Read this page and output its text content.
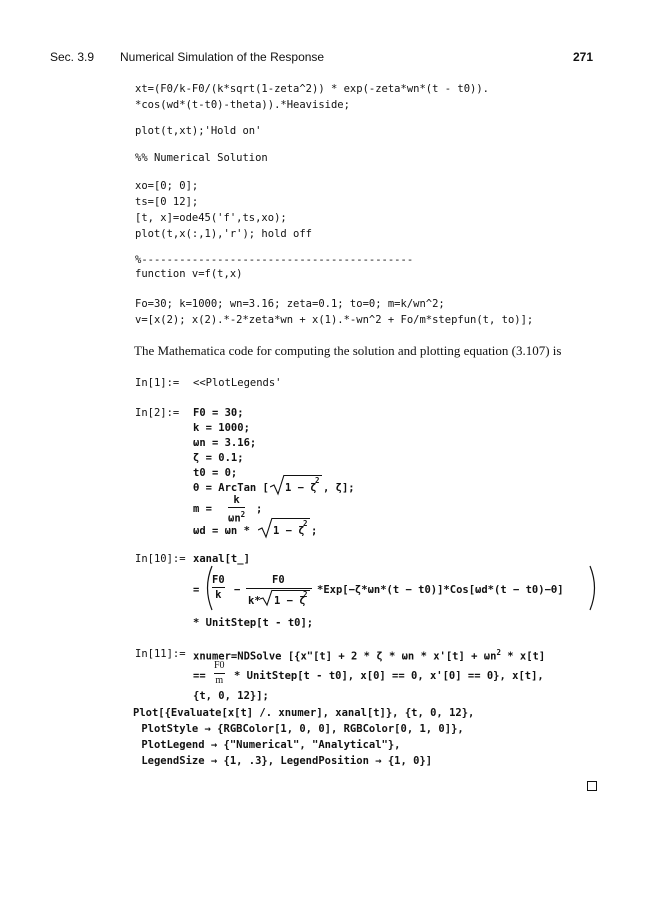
Sec. 3.9 Numerical Simulation of the Response	271
xt=(F0/k-F0/(k*sqrt(1-zeta^2)) * exp(-zeta*wn*(t - t0)).
*cos(wd*(t-t0)-theta)).*Heaviside;
plot(t,xt);'Hold on'
%% Numerical Solution
xo=[0; 0];
ts=[0 12];
[t, x]=ode45('f',ts,xo);
plot(t,x(:,1),'r'); hold off
%-------------------------------------------
function v=f(t,x)
Fo=30; k=1000; wn=3.16; zeta=0.1; to=0; m=k/wn^2;
v=[x(2); x(2).*-2*zeta*wn + x(1).*-wn^2 + Fo/m*stepfun(t, to)];
The Mathematica code for computing the solution and plotting equation (3.107) is
In[1]:= <<PlotLegends'
In[2]:= F0 = 30;
k = 1000;
ωn = 3.16;
ζ = 0.1;
t0 = 0;
θ = ArcTan [ 1 − ζ
2
, ζ];
m =
k
$\omega n^2$ ;
ωd = ωn * 1 − ζ
2
;
In[10]:= xanal[t_]
=
F0
k −
F0
k* 1 − ζ
2 *Exp[−ζ*ωn*(t − t0)]*Cos[ωd*(t − t0)−θ]
* UnitStep[t - t0];
In[11]:= xnumer=NDSolve [{x"[t] + $2 * \zeta * \omega n * x'[t] + \omega n^2 * x[t]$
==
F0
m * UnitStep[t - t0], x[0] == 0, x'[0] == 0}, x[t],
{t, 0, 12}];
Plot[{Evaluate[x[t] /. xnumer], xanal[t]}, {t, 0, 12},
PlotStyle → {RGBColor[1, 0, 0], RGBColor[0, 1, 0]},
PlotLegend → {"Numerical", "Analytical"},
LegendSize → {1, .3}, LegendPosition → {1, 0}]
